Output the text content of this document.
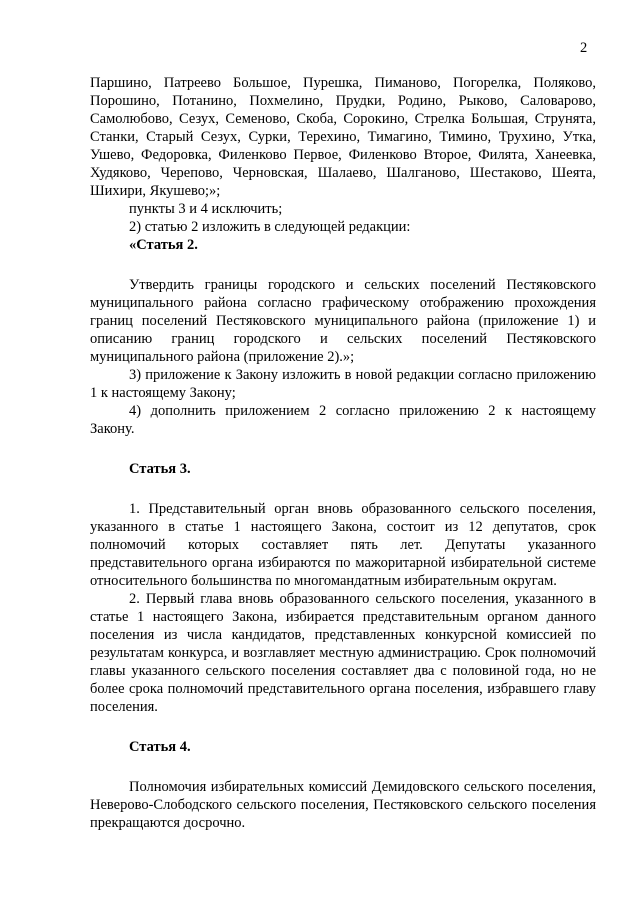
2

Паршино, Патреево Большое, Пурешка, Пиманово, Погорелка, Поляково, Порошино, Потанино, Похмелино, Прудки, Родино, Рыково, Саловарово, Самолюбово, Сезух, Семеново, Скоба, Сорокино, Стрелка Большая, Струнята, Станки, Старый Сезух, Сурки, Терехино, Тимагино, Тимино, Трухино, Утка, Ушево, Федоровка, Филенково Первое, Филенково Второе, Филята, Ханеевка, Худяково, Черепово, Черновская, Шалаево, Шалганово, Шестаково, Шеята, Шихири, Якушево;»;

пункты 3 и 4 исключить;

2) статью 2 изложить в следующей редакции:

«Статья 2.

Утвердить границы городского и сельских поселений Пестяковского муниципального района согласно графическому отображению прохождения границ поселений Пестяковского муниципального района (приложение 1) и описанию границ городского и сельских поселений Пестяковского муниципального района (приложение 2).»;

3) приложение к Закону изложить в новой редакции согласно приложению 1 к настоящему Закону;

4) дополнить приложением 2 согласно приложению 2 к настоящему Закону.

Статья 3.

1. Представительный орган вновь образованного сельского поселения, указанного в статье 1 настоящего Закона, состоит из 12 депутатов, срок полномочий которых составляет пять лет. Депутаты указанного представительного органа избираются по мажоритарной избирательной системе относительного большинства по многомандатным избирательным округам.

2. Первый глава вновь образованного сельского поселения, указанного в статье 1 настоящего Закона, избирается представительным органом данного поселения из числа кандидатов, представленных конкурсной комиссией по результатам конкурса, и возглавляет местную администрацию. Срок полномочий главы указанного сельского поселения составляет два с половиной года, но не более срока полномочий представительного органа поселения, избравшего главу поселения.

Статья 4.

Полномочия избирательных комиссий Демидовского сельского поселения, Неверово-Слободского сельского поселения, Пестяковского сельского поселения прекращаются досрочно.
